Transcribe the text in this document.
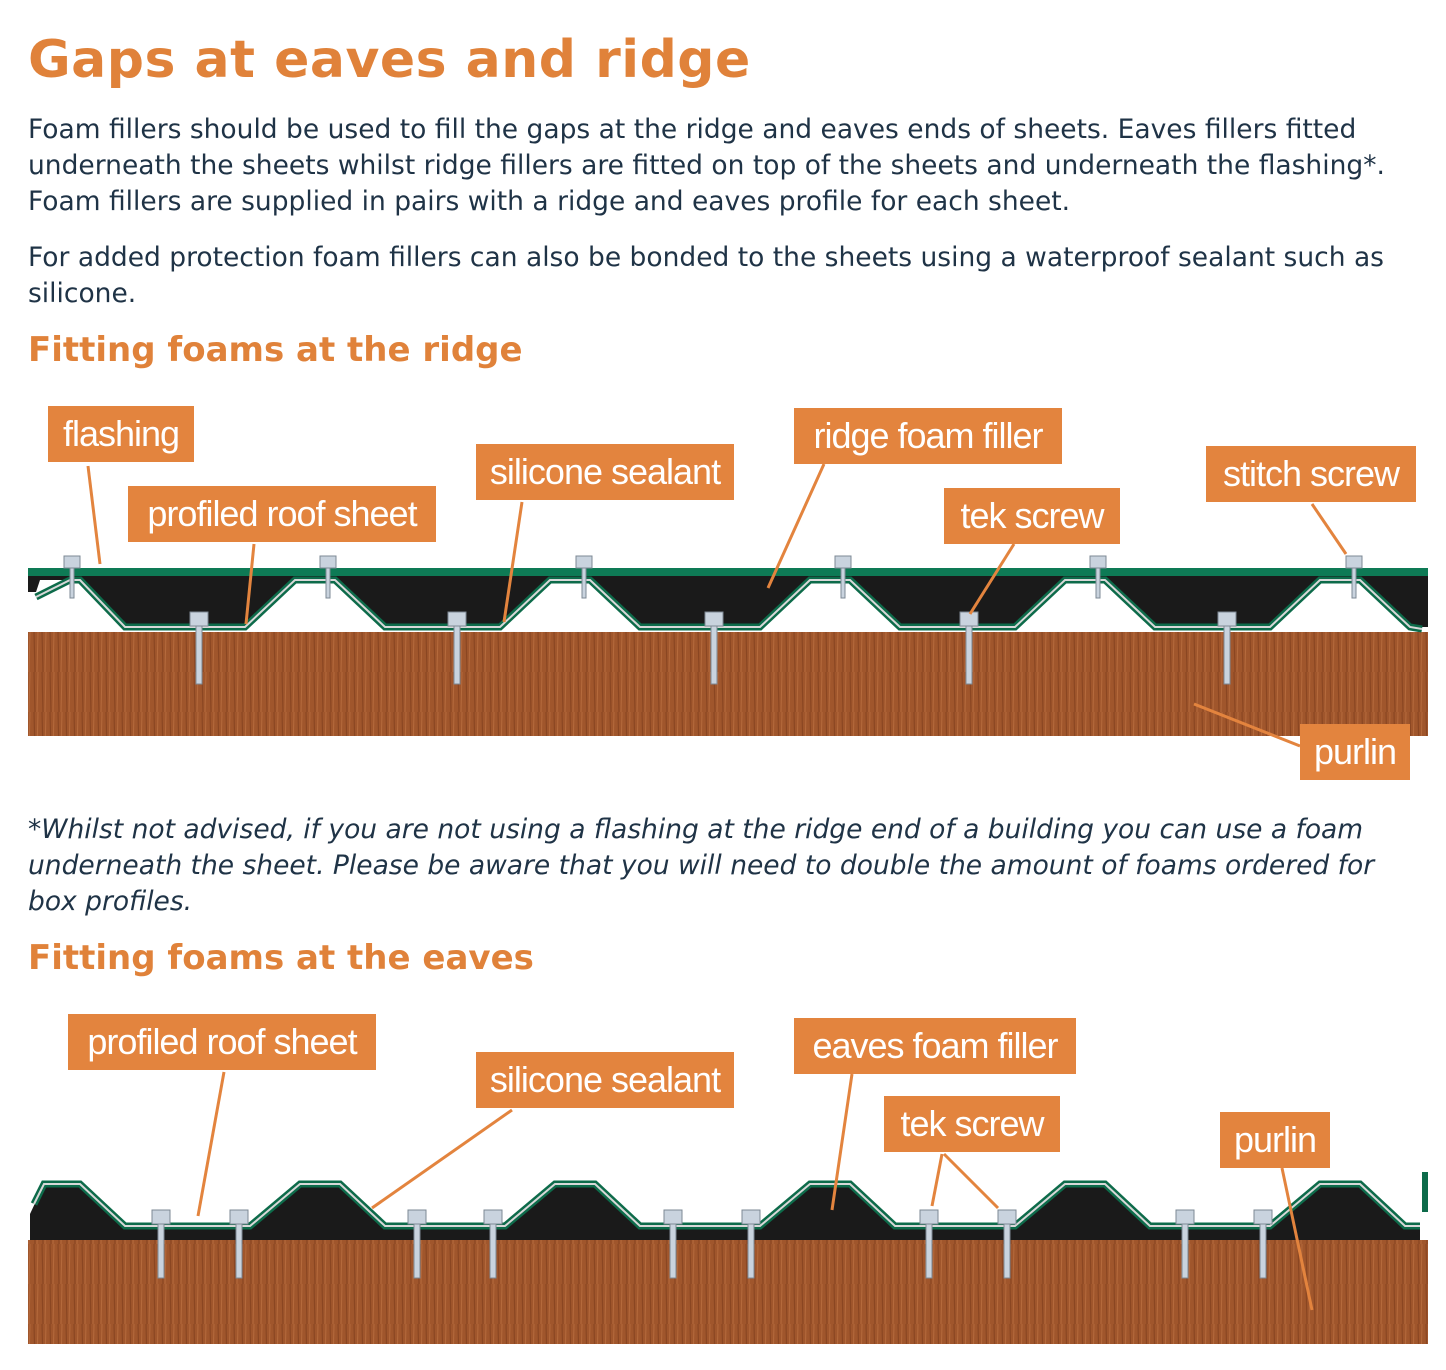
Gaps at eaves and ridge

Foam fillers should be used to fill the gaps at the ridge and eaves ends of sheets. Eaves fillers fitted underneath the sheets whilst ridge fillers are fitted on top of the sheets and underneath the flashing*. Foam fillers are supplied in pairs with a ridge and eaves profile for each sheet.

For added protection foam fillers can also be bonded to the sheets using a waterproof sealant such as silicone.

Fitting foams at the ridge
flashing
profiled roof sheet
silicone sealant
ridge foam filler
tek screw
stitch screw
purlin

*Whilst not advised, if you are not using a flashing at the ridge end of a building you can use a foam underneath the sheet. Please be aware that you will need to double the amount of foams ordered for box profiles.

Fitting foams at the eaves
profiled roof sheet
silicone sealant
eaves foam filler
tek screw	purlin
